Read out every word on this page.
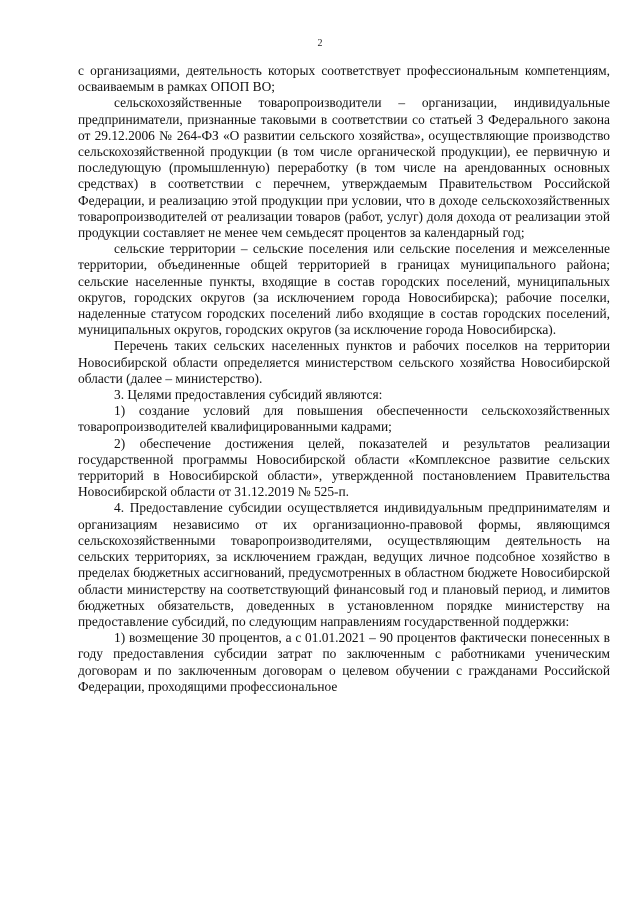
2

с организациями, деятельность которых соответствует профессиональным компетенциям, осваиваемым в рамках ОПОП ВО;

сельскохозяйственные товаропроизводители – организации, индивидуальные предприниматели, признанные таковыми в соответствии со статьей 3 Федерального закона от 29.12.2006 № 264-ФЗ «О развитии сельского хозяйства», осуществляющие производство сельскохозяйственной продукции (в том числе органической продукции), ее первичную и последующую (промышленную) переработку (в том числе на арендованных основных средствах) в соответствии с перечнем, утверждаемым Правительством Российской Федерации, и реализацию этой продукции при условии, что в доходе сельскохозяйственных товаропроизводителей от реализации товаров (работ, услуг) доля дохода от реализации этой продукции составляет не менее чем семьдесят процентов за календарный год;

сельские территории – сельские поселения или сельские поселения и межселенные территории, объединенные общей территорией в границах муниципального района; сельские населенные пункты, входящие в состав городских поселений, муниципальных округов, городских округов (за исключением города Новосибирска); рабочие поселки, наделенные статусом городских поселений либо входящие в состав городских поселений, муниципальных округов, городских округов (за исключение города Новосибирска).

Перечень таких сельских населенных пунктов и рабочих поселков на территории Новосибирской области определяется министерством сельского хозяйства Новосибирской области (далее – министерство).

3. Целями предоставления субсидий являются:

1) создание условий для повышения обеспеченности сельскохозяйственных товаропроизводителей квалифицированными кадрами;

2) обеспечение достижения целей, показателей и результатов реализации государственной программы Новосибирской области «Комплексное развитие сельских территорий в Новосибирской области», утвержденной постановлением Правительства Новосибирской области от 31.12.2019 № 525-п.

4. Предоставление субсидии осуществляется индивидуальным предпринимателям и организациям независимо от их организационно-правовой формы, являющимся сельскохозяйственными товаропроизводителями, осуществляющим деятельность на сельских территориях, за исключением граждан, ведущих личное подсобное хозяйство в пределах бюджетных ассигнований, предусмотренных в областном бюджете Новосибирской области министерству на соответствующий финансовый год и плановый период, и лимитов бюджетных обязательств, доведенных в установленном порядке министерству на предоставление субсидий, по следующим направлениям государственной поддержки:

1) возмещение 30 процентов, а с 01.01.2021 – 90 процентов фактически понесенных в году предоставления субсидии затрат по заключенным с работниками ученическим договорам и по заключенным договорам о целевом обучении с гражданами Российской Федерации, проходящими профессиональное
